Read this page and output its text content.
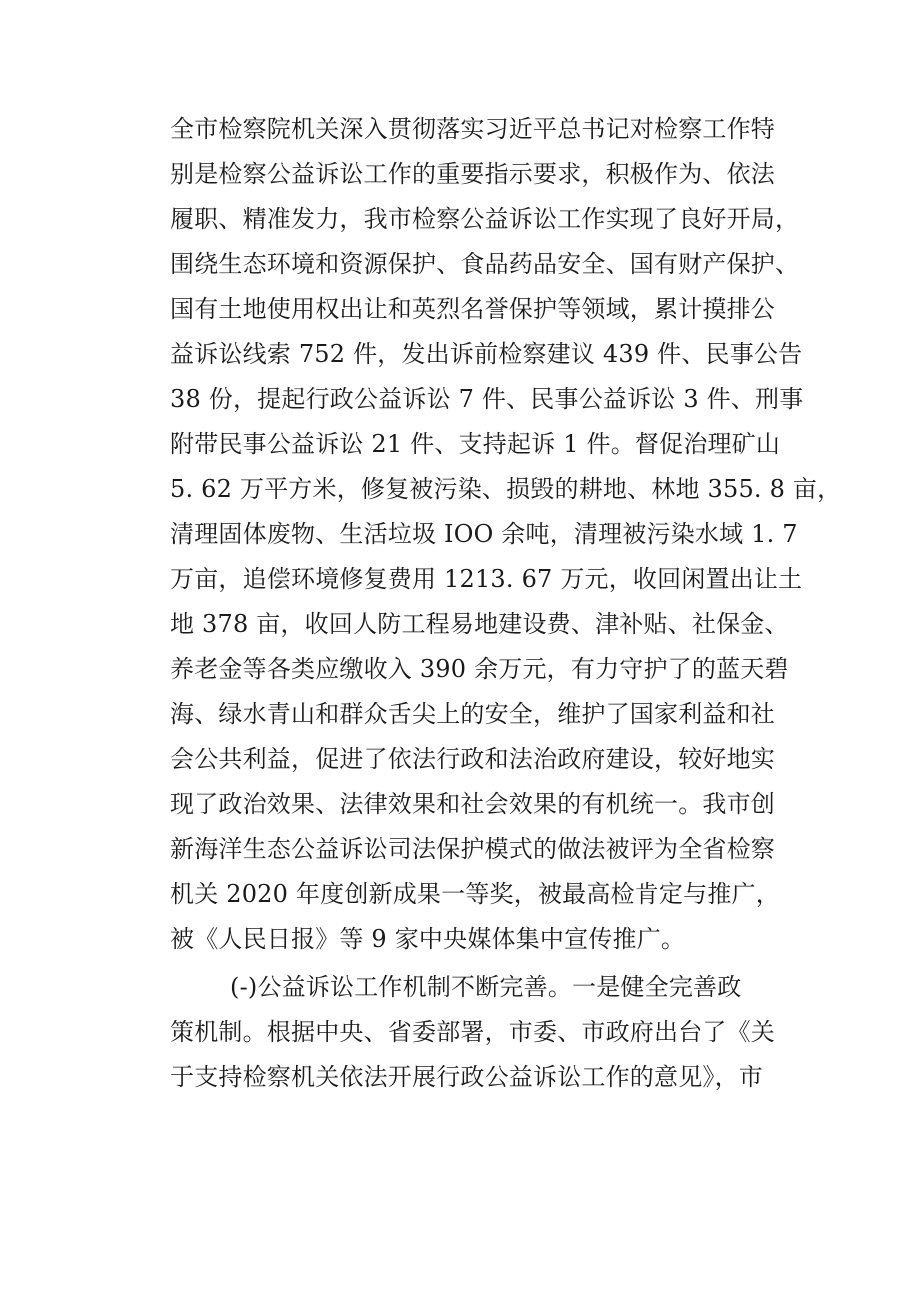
全市检察院机关深入贯彻落实习近平总书记对检察工作特
别是检察公益诉讼工作的重要指示要求，积极作为、依法
履职、精准发力，我市检察公益诉讼工作实现了良好开局，
围绕生态环境和资源保护、食品药品安全、国有财产保护、
国有土地使用权出让和英烈名誉保护等领域，累计摸排公
益诉讼线索 752 件，发出诉前检察建议 439 件、民事公告
38 份，提起行政公益诉讼 7 件、民事公益诉讼 3 件、刑事
附带民事公益诉讼 21 件、支持起诉 1 件。督促治理矿山
5. 62 万平方米，修复被污染、损毁的耕地、林地 355. 8 亩，
清理固体废物、生活垃圾 IOO 余吨，清理被污染水域 1. 7
万亩，追偿环境修复费用 1213. 67 万元，收回闲置出让土
地 378 亩，收回人防工程易地建设费、津补贴、社保金、
养老金等各类应缴收入 390 余万元，有力守护了的蓝天碧
海、绿水青山和群众舌尖上的安全，维护了国家利益和社
会公共利益，促进了依法行政和法治政府建设，较好地实
现了政治效果、法律效果和社会效果的有机统一。我市创
新海洋生态公益诉讼司法保护模式的做法被评为全省检察
机关 2020 年度创新成果一等奖，被最高检肯定与推广，
被《人民日报》等 9 家中央媒体集中宣传推广。
(-)公益诉讼工作机制不断完善。一是健全完善政
策机制。根据中央、省委部署，市委、市政府出台了《关
于支持检察机关依法开展行政公益诉讼工作的意见》，市
